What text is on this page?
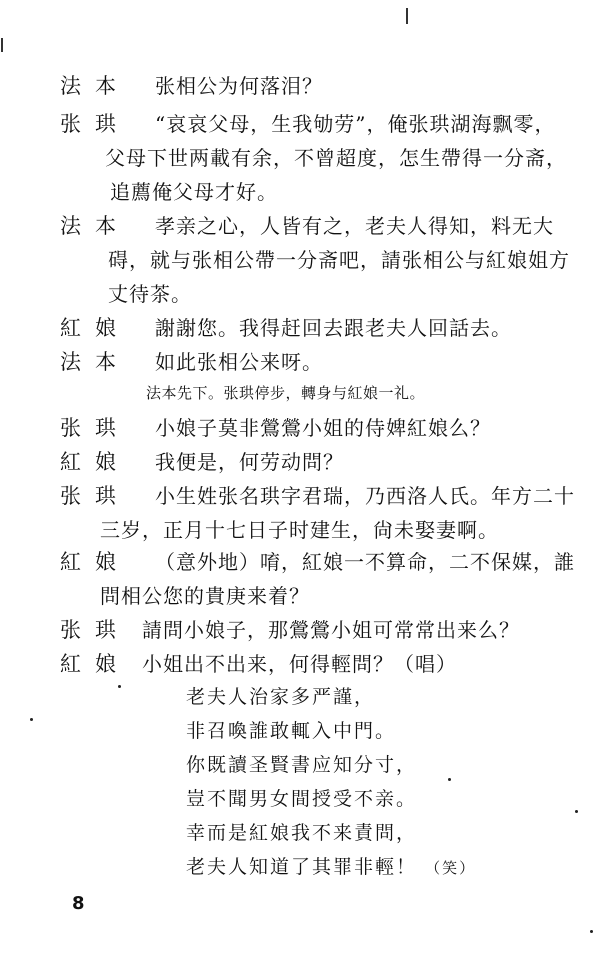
法本	张相公为何落泪？
张珙	“哀哀父母，生我劬劳”，俺张珙湖海飘零，
父母下世两載有余，不曾超度，怎生帶得一分斋，
追薦俺父母才好。
法本	孝亲之心，人皆有之，老夫人得知，料无大
碍，就与张相公帶一分斋吧，請张相公与紅娘姐方
丈待茶。
紅娘	謝謝您。我得赶回去跟老夫人回話去。
法本	如此张相公来呀。
法本先下。张珙停步，轉身与紅娘一礼。
张珙	小娘子莫非鶯鶯小姐的侍婢紅娘么？
紅娘	我便是，何劳动問？
张珙	小生姓张名珙字君瑞，乃西洛人氏。年方二十
三岁，正月十七日子时建生，尙未娶妻啊。
紅娘	（意外地）唷，紅娘一不算命，二不保媒，誰
問相公您的貴庚来着？
张珙 請問小娘子，那鶯鶯小姐可常常出来么？
紅娘 小姐出不出来，何得輕問？（唱）
老夫人治家多严謹，
非召喚誰敢輒入中門。
你既讀圣賢書应知分寸，
豈不聞男女間授受不亲。
幸而是紅娘我不来責問，
老夫人知道了其罪非輕！ （笑）
8
